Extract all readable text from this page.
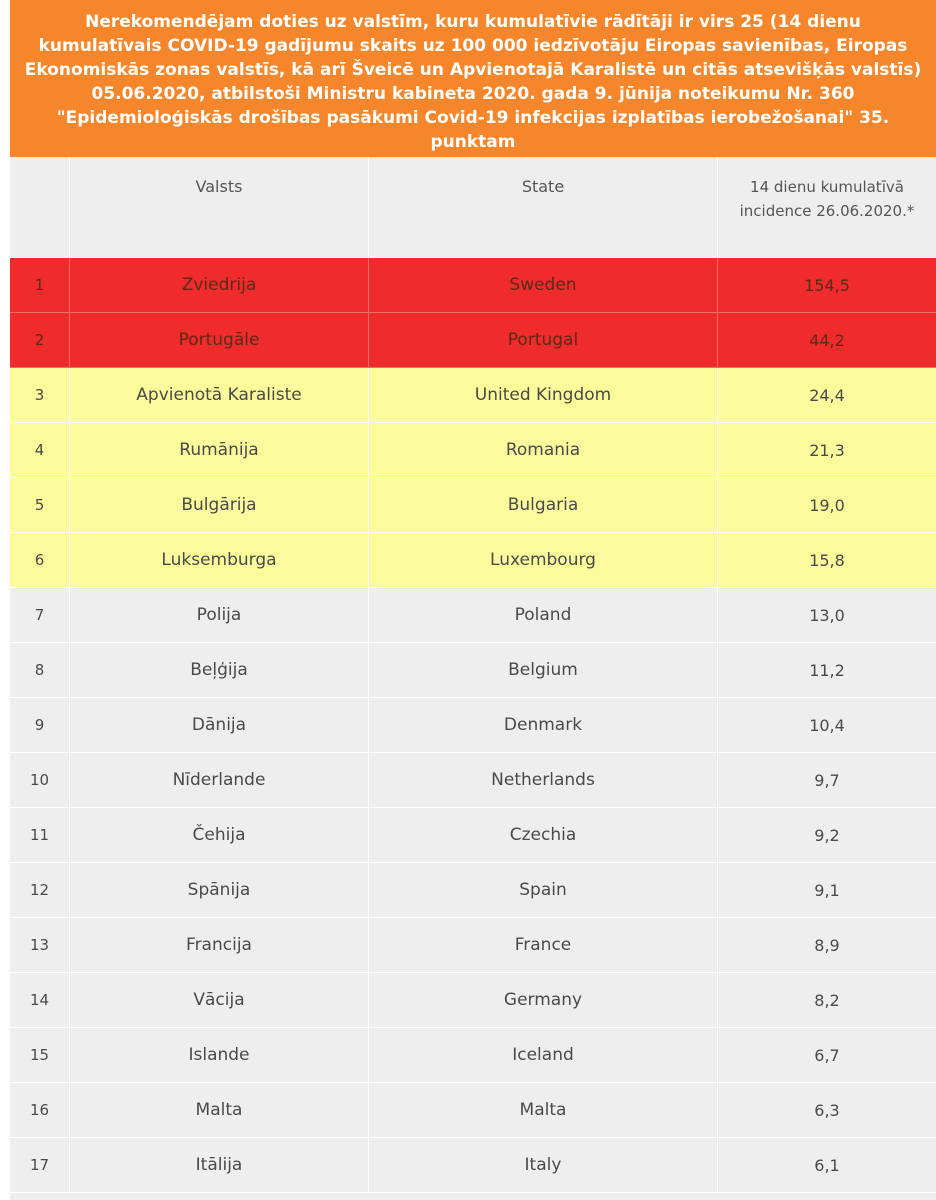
Nerekomendējam doties uz valstīm, kuru kumulatīvie rādītāji ir virs 25 (14 dienu kumulatīvais COVID-19 gadījumu skaits uz 100 000 iedzīvotāju Eiropas savienības, Eiropas Ekonomiskās zonas valstīs, kā arī Šveicē un Apvienotajā Karalistē un citās atsevišķās valstīs) 05.06.2020, atbilstoši Ministru kabineta 2020. gada 9. jūnija noteikumu Nr. 360 "Epidemioloģiskās drošības pasākumi Covid-19 infekcijas izplatības ierobežošanai" 35. punktam
Valsts	State	14 dienu kumulatīvā incidence 26.06.2020.*
1	Zviedrija	Sweden	154,5
2	Portugāle	Portugal	44,2
3	Apvienotā Karaliste	United Kingdom	24,4
4	Rumānija	Romania	21,3
5	Bulgārija	Bulgaria	19,0
6	Luksemburga	Luxembourg	15,8
7	Polija	Poland	13,0
8	Beļģija	Belgium	11,2
9	Dānija	Denmark	10,4
10	Nīderlande	Netherlands	9,7
11	Čehija	Czechia	9,2
12	Spānija	Spain	9,1
13	Francija	France	8,9
14	Vācija	Germany	8,2
15	Islande	Iceland	6,7
16	Malta	Malta	6,3
17	Itālija	Italy	6,1
